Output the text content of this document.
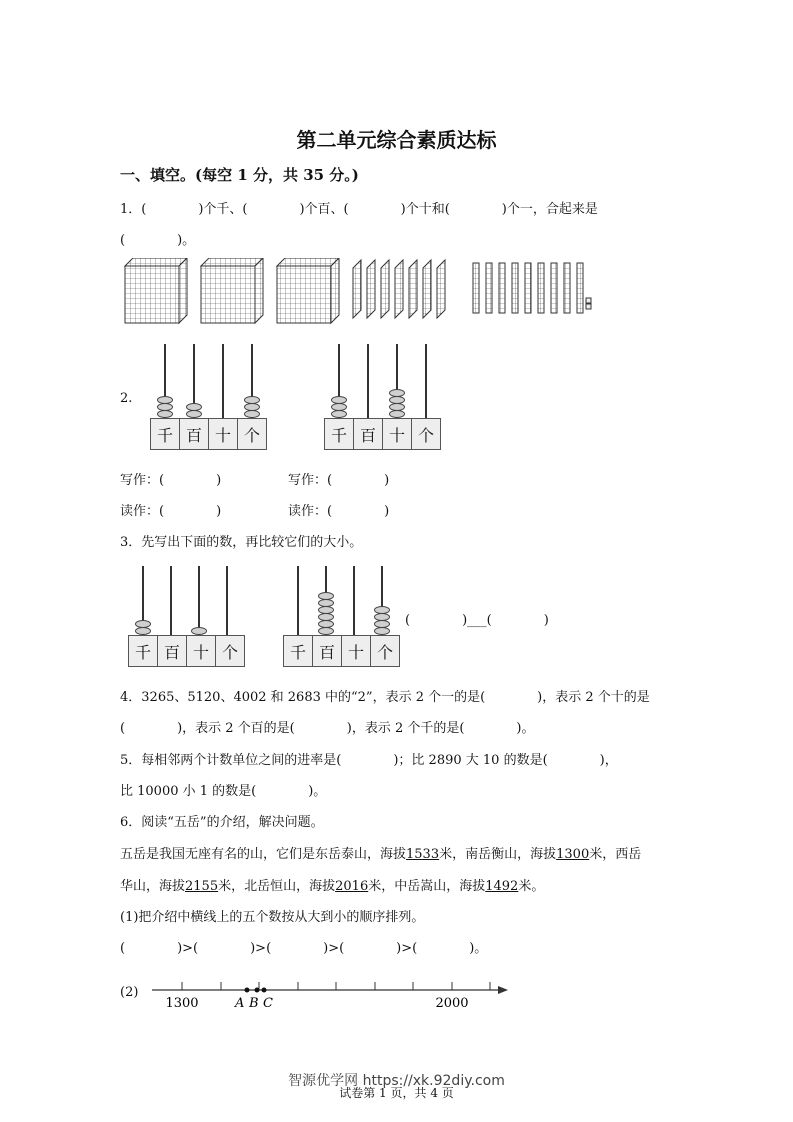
第二单元综合素质达标
一、填空。(每空 1 分，共 35 分。)
1．(　　　　)个千、(　　　　)个百、(　　　　)个十和(　　　　)个一，合起来是
(　　　　)。
2.
千 百 十 个	千 百 十 个
写作：(　　　　)	写作：(　　　　)
读作：(　　　　)	读作：(　　　　)
3．先写出下面的数，再比较它们的大小。
千 百 十 个	千 百 十 个
(　　　　)___(　　　　)
4．3265、5120、4002 和 2683 中的“2”，表示 2 个一的是(　　　　)，表示 2 个十的是
(　　　　)，表示 2 个百的是(　　　　)，表示 2 个千的是(　　　　)。
5．每相邻两个计数单位之间的进率是(　　　　)；比 2890 大 10 的数是(　　　　)，
比 10000 小 1 的数是(　　　　)。
6．阅读“五岳”的介绍，解决问题。
五岳是我国无座有名的山，它们是东岳泰山，海拔1533米，南岳衡山，海拔1300米，西岳
华山，海拔2155米，北岳恒山，海拔2016米，中岳嵩山，海拔1492米。
(1)把介绍中横线上的五个数按从大到小的顺序排列。
(　　　　)>(　　　　)>(　　　　)>(　　　　)>(　　　　)。
(2)
1300	2000
A B C
试卷第 1 页，共 4 页
智源优学网 https://xk.92diy.com
